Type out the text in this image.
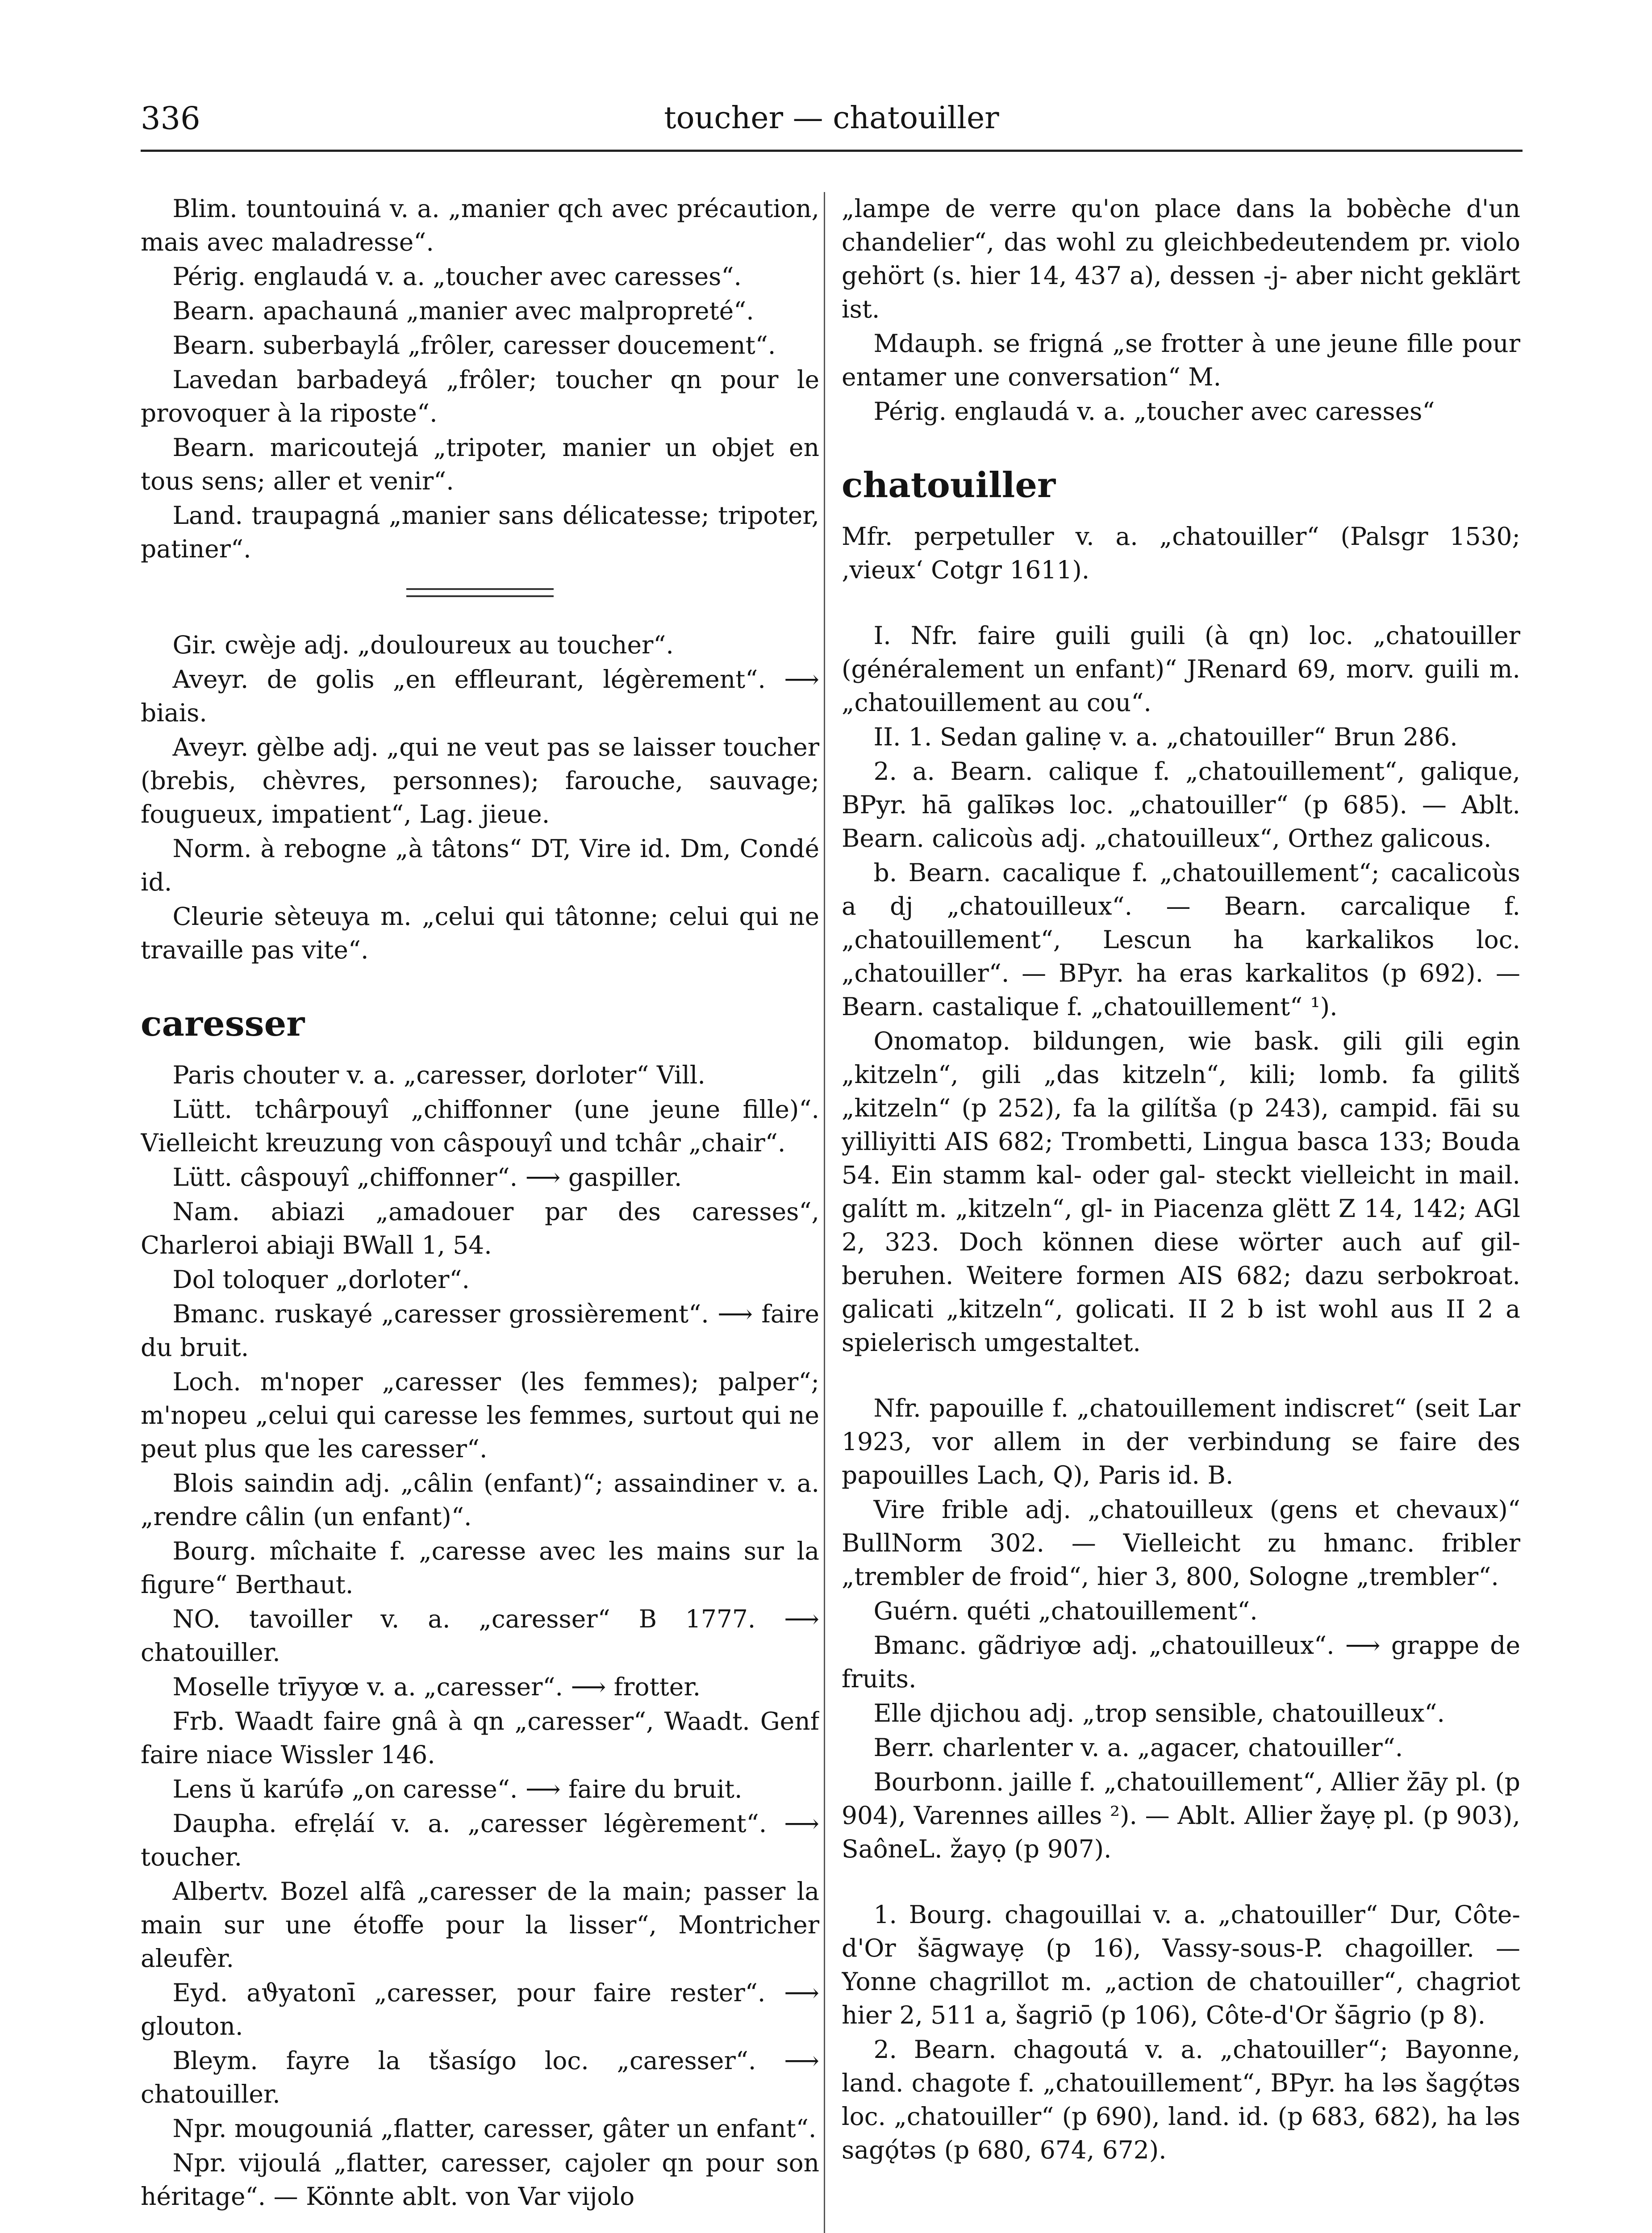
336	toucher — chatouiller

Blim. tountouiná v. a. „manier qch avec précaution, mais avec maladresse“.

Périg. englaudá v. a. „toucher avec caresses“.

Bearn. apachauná „manier avec malpropreté“.

Bearn. suberbaylá „frôler, caresser doucement“.

Lavedan barbadeyá „frôler; toucher qn pour le provoquer à la riposte“.

Bearn. maricoutejá „tripoter, manier un objet en tous sens; aller et venir“.

Land. traupagná „manier sans délicatesse; tripoter, patiner“.

Gir. cwèje adj. „douloureux au toucher“.

Aveyr. de golis „en effleurant, légèrement“. ⟶ biais.

Aveyr. gèlbe adj. „qui ne veut pas se laisser toucher (brebis, chèvres, personnes); farouche, sauvage; fougueux, impatient“, Lag. jieue.

Norm. à rebogne „à tâtons“ DT, Vire id. Dm, Condé id.

Cleurie sèteuya m. „celui qui tâtonne; celui qui ne travaille pas vite“.

caresser

Paris chouter v. a. „caresser, dorloter“ Vill.

Lütt. tchârpouyî „chiffonner (une jeune fille)“. Vielleicht kreuzung von câspouyî und tchâr „chair“.

Lütt. câspouyî „chiffonner“. ⟶ gaspiller.

Nam. abiazi „amadouer par des caresses“, Charleroi abiaji BWall 1, 54.

Dol toloquer „dorloter“.

Bmanc. ruskayé „caresser grossièrement“. ⟶ faire du bruit.

Loch. m'noper „caresser (les femmes); palper“; m'nopeu „celui qui caresse les femmes, surtout qui ne peut plus que les caresser“.

Blois saindin adj. „câlin (enfant)“; assaindiner v. a. „rendre câlin (un enfant)“.

Bourg. mîchaite f. „caresse avec les mains sur la figure“ Berthaut.

NO. tavoiller v. a. „caresser“ B 1777. ⟶ chatouiller.

Moselle trīyyœ v. a. „caresser“. ⟶ frotter.

Frb. Waadt faire gnâ à qn „caresser“, Waadt. Genf faire niace Wissler 146.

Lens ŭ karúfə „on caresse“. ⟶ faire du bruit.

Daupha. efrẹláí v. a. „caresser légèrement“. ⟶ toucher.

Albertv. Bozel alfâ „caresser de la main; passer la main sur une étoffe pour la lisser“, Montricher aleufèr.

Eyd. aϑyatonī „caresser, pour faire rester“. ⟶ glouton.

Bleym. fayre la tšasígo loc. „caresser“. ⟶ chatouiller.

Npr. mougouniá „flatter, caresser, gâter un enfant“.

Npr. vijoulá „flatter, caresser, cajoler qn pour son héritage“. — Könnte ablt. von Var vijolo

„lampe de verre qu'on place dans la bobèche d'un chandelier“, das wohl zu gleichbedeutendem pr. violo gehört (s. hier 14, 437 a), dessen -j- aber nicht geklärt ist.

Mdauph. se frigná „se frotter à une jeune fille pour entamer une conversation“ M.

Périg. englaudá v. a. „toucher avec caresses“

chatouiller

Mfr. perpetuller v. a. „chatouiller“ (Palsgr 1530; ‚vieux‘ Cotgr 1611).

I. Nfr. faire guili guili (à qn) loc. „chatouiller (généralement un enfant)“ JRenard 69, morv. guili m. „chatouillement au cou“.

II. 1. Sedan galinẹ v. a. „chatouiller“ Brun 286.

2. a. Bearn. calique f. „chatouillement“, galique, BPyr. hā galīkəs loc. „chatouiller“ (p 685). — Ablt. Bearn. calicoùs adj. „chatouilleux“, Orthez galicous.

b. Bearn. cacalique f. „chatouillement“; cacalicoùs a dj „chatouilleux“. — Bearn. carcalique f. „chatouillement“, Lescun ha karkalikos loc. „chatouiller“. — BPyr. ha eras karkalitos (p 692). — Bearn. castalique f. „chatouillement“ ¹).

Onomatop. bildungen, wie bask. gili gili egin „kitzeln“, gili „das kitzeln“, kili; lomb. fa gilitš „kitzeln“ (p 252), fa la gilítša (p 243), campid. fāi su yilliyitti AIS 682; Trombetti, Lingua basca 133; Bouda 54. Ein stamm kal- oder gal- steckt vielleicht in mail. galítt m. „kitzeln“, gl- in Piacenza glëtt Z 14, 142; AGl 2, 323. Doch können diese wörter auch auf gil- beruhen. Weitere formen AIS 682; dazu serbokroat. galicati „kitzeln“, golicati. II 2 b ist wohl aus II 2 a spielerisch umgestaltet.

Nfr. papouille f. „chatouillement indiscret“ (seit Lar 1923, vor allem in der verbindung se faire des papouilles Lach, Q), Paris id. B.

Vire frible adj. „chatouilleux (gens et chevaux)“ BullNorm 302. — Vielleicht zu hmanc. fribler „trembler de froid“, hier 3, 800, Sologne „trembler“.

Guérn. quéti „chatouillement“.

Bmanc. gãdriyœ adj. „chatouilleux“. ⟶ grappe de fruits.

Elle djichou adj. „trop sensible, chatouilleux“.

Berr. charlenter v. a. „agacer, chatouiller“.

Bourbonn. jaille f. „chatouillement“, Allier žāy pl. (p 904), Varennes ailles ²). — Ablt. Allier žayẹ pl. (p 903), SaôneL. žayọ (p 907).

1. Bourg. chagouillai v. a. „chatouiller“ Dur, Côte-d'Or šāgwayẹ (p 16), Vassy-sous-P. chagoiller. — Yonne chagrillot m. „action de chatouiller“, chagriot hier 2, 511 a, šagriō (p 106), Côte-d'Or šāgrio (p 8).

2. Bearn. chagoutá v. a. „chatouiller“; Bayonne, land. chagote f. „chatouillement“, BPyr. ha ləs šagǫ́təs loc. „chatouiller“ (p 690), land. id. (p 683, 682), ha ləs sagǫ́təs (p 680, 674, 672).
